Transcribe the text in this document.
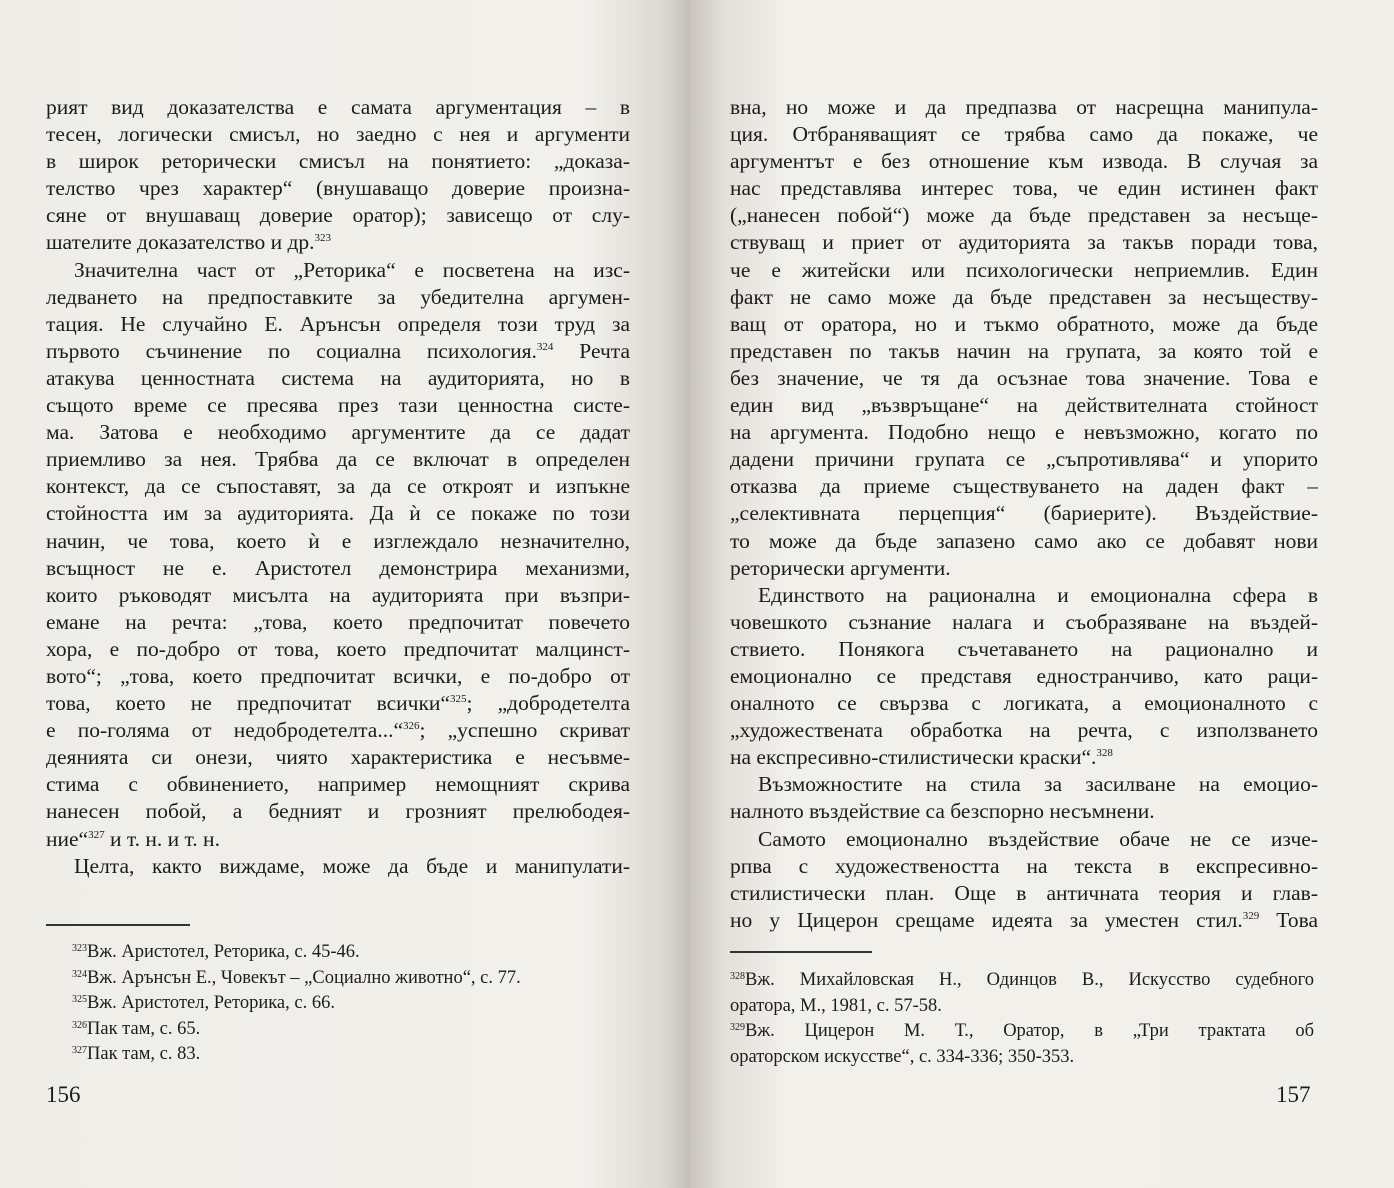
рият вид доказателства е самата аргументация – в

тесен, логически смисъл, но заедно с нея и аргументи

в широк реторически смисъл на понятието: „доказа-

телство чрез характер“ (внушаващо доверие произна-

сяне от внушаващ доверие оратор); зависещо от слу-

шателите доказателство и др.$^{323}$

Значителна част от „Реторика“ е посветена на изс-

ледването на предпоставките за убедителна аргумен-

тация. Не случайно Е. Арънсън определя този труд за

първото съчинение по социална психология.$^{324}$ Речта

атакува ценностната система на аудиторията, но в

същото време се пресява през тази ценностна систе-

ма. Затова е необходимо аргументите да се дадат

приемливо за нея. Трябва да се включат в определен

контекст, да се съпоставят, за да се откроят и изпъкне

стойността им за аудиторията. Да ѝ се покаже по този

начин, че това, което ѝ е изглеждало незначително,

всъщност не е. Аристотел демонстрира механизми,

които ръководят мисълта на аудиторията при възпри-

емане на речта: „това, което предпочитат повечето

хора, е по-добро от това, което предпочитат малцинст-

вото“; „това, което предпочитат всички, е по-добро от

това, което не предпочитат всички“$^{325}$; „добродетелта

е по-голяма от недобродетелта...“$^{326}$; „успешно скриват

деянията си онези, чиято характеристика е несъвме-

стима с обвинението, например немощният скрива

нанесен побой, а бедният и грозният прелюбодея-

ние“$^{327}$ и т. н. и т. н.

Целта, както виждаме, може да бъде и манипулати-

$^{323}$Вж. Аристотел, Реторика, с. 45-46.

$^{324}$Вж. Арънсън Е., Човекът – „Социално животно“, с. 77.

$^{325}$Вж. Аристотел, Реторика, с. 66.

$^{326}$Пак там, с. 65.

$^{327}$Пак там, с. 83.

156

вна, но може и да предпазва от насрещна манипула-

ция. Отбраняващият се трябва само да покаже, че

аргументът е без отношение към извода. В случая за

нас представлява интерес това, че един истинен факт

(„нанесен побой“) може да бъде представен за несъще-

ствуващ и приет от аудиторията за такъв поради това,

че е житейски или психологически неприемлив. Един

факт не само може да бъде представен за несъществу-

ващ от оратора, но и тъкмо обратното, може да бъде

представен по такъв начин на групата, за която той е

без значение, че тя да осъзнае това значение. Това е

един вид „възвръщане“ на действителната стойност

на аргумента. Подобно нещо е невъзможно, когато по

дадени причини групата се „съпротивлява“ и упорито

отказва да приеме съществуването на даден факт –

„селективната перцепция“ (бариерите). Въздействие-

то може да бъде запазено само ако се добавят нови

реторически аргументи.

Единството на рационална и емоционална сфера в

човешкото съзнание налага и съобразяване на въздей-

ствието. Понякога съчетаването на рационално и

емоционално се представя едностранчиво, като раци-

оналното се свързва с логиката, а емоционалното с

„художествената обработка на речта, с използването

на експресивно-стилистически краски“.$^{328}$

Възможностите на стила за засилване на емоцио-

налното въздействие са безспорно несъмнени.

Самото емоционално въздействие обаче не се изче-

рпва с художествеността на текста в експресивно-

стилистически план. Още в античната теория и глав-

но у Цицерон срещаме идеята за уместен стил.$^{329}$ Това

$^{328}$Вж. Михайловская Н., Одинцов В., Искусство судебного

оратора, М., 1981, с. 57-58.

$^{329}$Вж. Цицерон М. Т., Оратор, в „Три трактата об

ораторском искусстве“, с. 334-336; 350-353.

157
